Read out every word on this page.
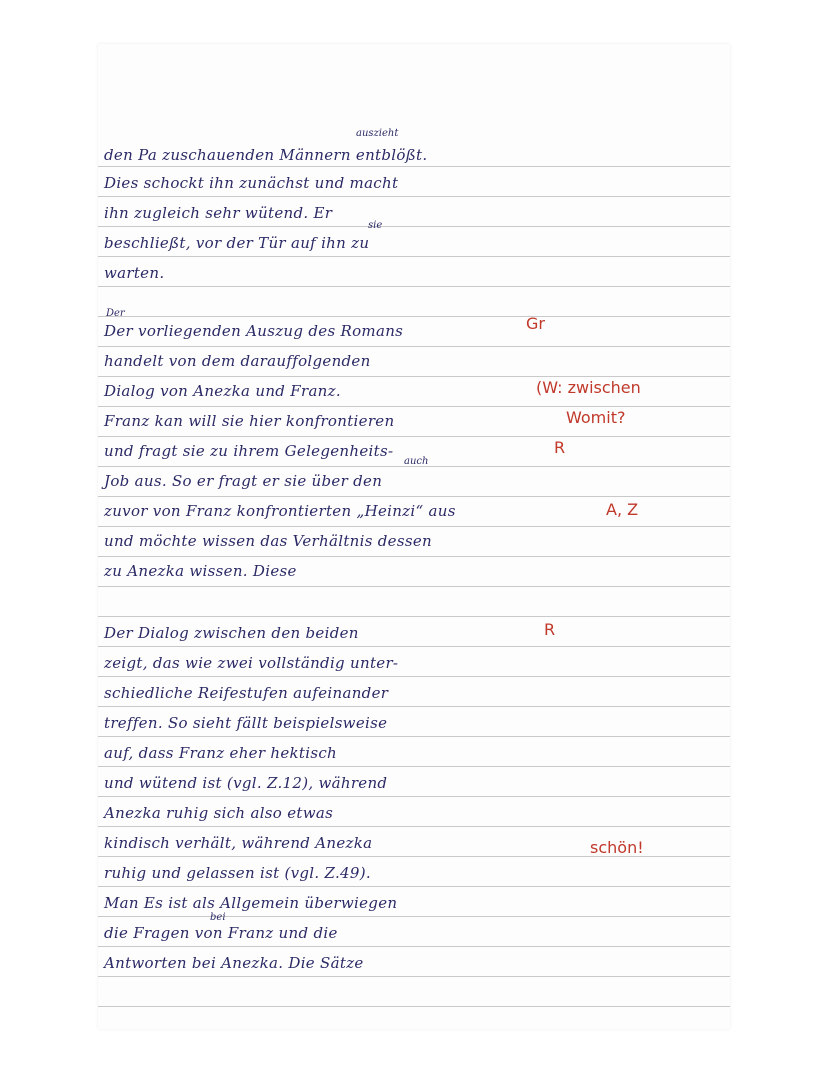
auszieht
den Pa zuschauenden Männern entblößt.
Dies schockt ihn zunächst und macht
ihn zugleich sehr wütend. Er
sie
beschließt, vor der Tür auf ihn zu
warten.
Der
Der vorliegenden Auszug des Romans
handelt von dem darauffolgenden
Dialog von Anezka und Franz.
Franz kan will sie hier konfrontieren
und fragt sie zu ihrem Gelegenheits-
auch
Job aus. So er fragt er sie über den
zuvor von Franz konfrontierten „Heinzi“ aus
und möchte wissen das Verhältnis dessen
zu Anezka wissen. Diese
Der Dialog zwischen den beiden
zeigt, das wie zwei vollständig unter-
schiedliche Reifestufen aufeinander
treffen. So sieht fällt beispielsweise
auf, dass Franz eher hektisch
und wütend ist (vgl. Z.12), während
Anezka ruhig sich also etwas
kindisch verhält, während Anezka
ruhig und gelassen ist (vgl. Z.49).
Man Es ist als Allgemein überwiegen
bei
die Fragen von Franz und die
Antworten bei Anezka. Die Sätze
Gr
(W: zwischen
Womit?
R
A, Z
R
schön!
